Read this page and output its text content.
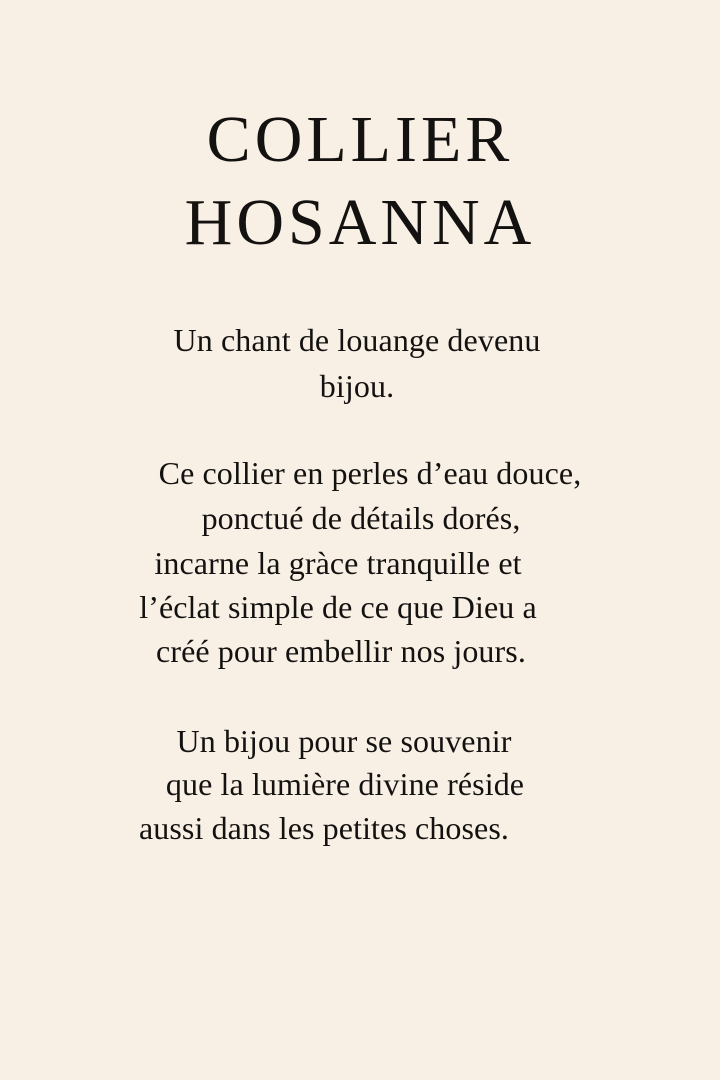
COLLIER
HOSANNA
Un chant de louange devenu
bijou.
Ce collier en perles d’eau douce,
ponctué de détails dorés,
incarne la gràce tranquille et
l’éclat simple de ce que Dieu a
créé pour embellir nos jours.
Un bijou pour se souvenir
que la lumière divine réside
aussi dans les petites choses.
